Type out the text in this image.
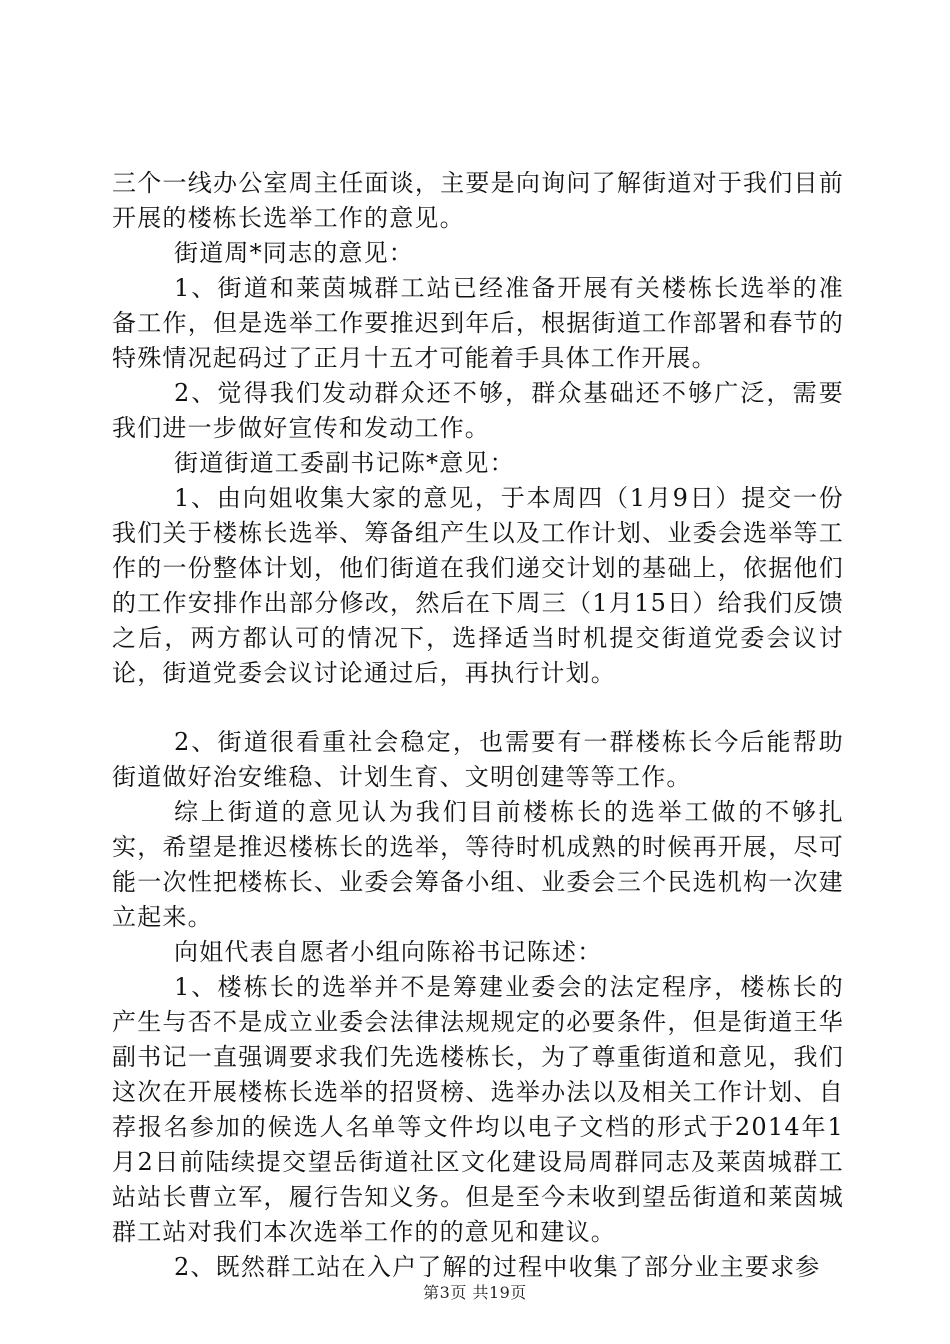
三个一线办公室周主任面谈，主要是向询问了解街道对于我们目前开展的楼栋长选举工作的意见。

街道周*同志的意见：

1、街道和莱茵城群工站已经准备开展有关楼栋长选举的准备工作，但是选举工作要推迟到年后，根据街道工作部署和春节的特殊情况起码过了正月十五才可能着手具体工作开展。

2、觉得我们发动群众还不够，群众基础还不够广泛，需要我们进一步做好宣传和发动工作。

街道街道工委副书记陈*意见：

1、由向姐收集大家的意见，于本周四（1月9日）提交一份我们关于楼栋长选举、筹备组产生以及工作计划、业委会选举等工作的一份整体计划，他们街道在我们递交计划的基础上，依据他们的工作安排作出部分修改，然后在下周三（1月15日）给我们反馈之后，两方都认可的情况下，选择适当时机提交街道党委会议讨论，街道党委会议讨论通过后，再执行计划。

2、街道很看重社会稳定，也需要有一群楼栋长今后能帮助街道做好治安维稳、计划生育、文明创建等等工作。

综上街道的意见认为我们目前楼栋长的选举工做的不够扎实，希望是推迟楼栋长的选举，等待时机成熟的时候再开展，尽可能一次性把楼栋长、业委会筹备小组、业委会三个民选机构一次建立起来。

向姐代表自愿者小组向陈裕书记陈述：

1、楼栋长的选举并不是筹建业委会的法定程序，楼栋长的产生与否不是成立业委会法律法规规定的必要条件，但是街道王华副书记一直强调要求我们先选楼栋长，为了尊重街道和意见，我们这次在开展楼栋长选举的招贤榜、选举办法以及相关工作计划、自荐报名参加的候选人名单等文件均以电子文档的形式于2014年1月2日前陆续提交望岳街道社区文化建设局周群同志及莱茵城群工站站长曹立军，履行告知义务。但是至今未收到望岳街道和莱茵城群工站对我们本次选举工作的的意见和建议。

2、既然群工站在入户了解的过程中收集了部分业主要求参

第3页 共19页
